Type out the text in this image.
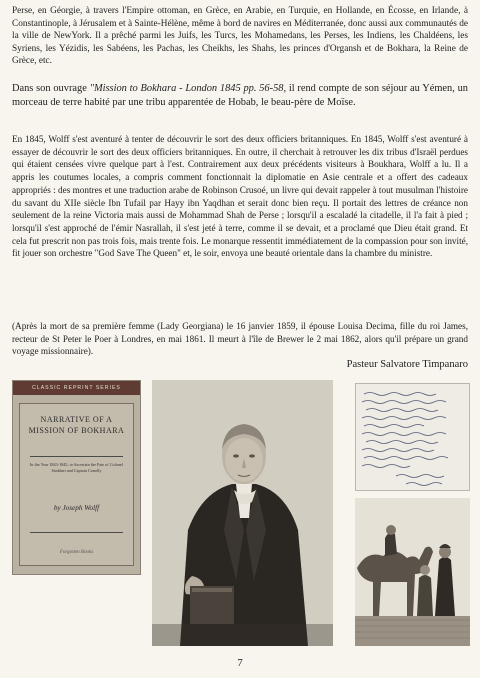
Perse, en Géorgie, à travers l'Empire ottoman, en Grèce, en Arabie, en Turquie, en Hollande, en Écosse, en Irlande, à Constantinople, à Jérusalem et à Sainte-Hélène, même à bord de navires en Méditerranée, donc aussi aux communautés de la ville de NewYork. Il a prêché parmi les Juifs, les Turcs, les Mohamedans, les Perses, les Indiens, les Chaldéens, les Syriens, les Yézidis, les Sabéens, les Pachas, les Cheikhs, les Shahs, les princes d'Organsh et de Bokhara, la Reine de Grèce, etc.

Dans son ouvrage "Mission to Bokhara - London 1845 pp. 56-58, il rend compte de son séjour au Yémen, un morceau de terre habité par une tribu apparentée de Hobab, le beau-père de Moïse.

En 1845, Wolff s'est aventuré à tenter de découvrir le sort des deux officiers britanniques. En 1845, Wolff s'est aventuré à essayer de découvrir le sort des deux officiers britanniques. En outre, il cherchait à retrouver les dix tribus d'Israël perdues qui étaient censées vivre quelque part à l'est. Contrairement aux deux précédents visiteurs à Boukhara, Wolff a lu. Il a appris les coutumes locales, a compris comment fonctionnait la diplomatie en Asie centrale et a offert des cadeaux appropriés : des montres et une traduction arabe de Robinson Crusoé, un livre qui devait rappeler à tout musulman l'histoire du savant du XIIe siècle Ibn Tufail par Hayy ibn Yaqdhan et serait donc bien reçu. Il portait des lettres de créance non seulement de la reine Victoria mais aussi de Mohammad Shah de Perse ; lorsqu'il a escaladé la citadelle, il l'a fait à pied ; lorsqu'il s'est approché de l'émir Nasrallah, il s'est jeté à terre, comme il se devait, et a proclamé que Dieu était grand. Et cela fut prescrit non pas trois fois, mais trente fois. Le monarque ressentit immédiatement de la compassion pour son invité, fit jouer son orchestre "God Save The Queen" et, le soir, envoya une beauté orientale dans la chambre du ministre.

(Après la mort de sa première femme (Lady Georgiana) le 16 janvier 1859, il épouse Louisa Decima, fille du roi James, recteur de St Peter le Poer à Londres, en mai 1861. Il meurt à l'île de Brewer le 2 mai 1862, alors qu'il prépare un grand voyage missionnaire).

Pasteur Salvatore Timpanaro

CLASSIC REPRINT SERIES
NARRATIVE OF A
MISSION OF BOKHARA
In the Year 1843-1845, to Ascertain the Fate of Colonel Stoddart and Captain Conolly
by Joseph Wolff
Forgotten Books

7
